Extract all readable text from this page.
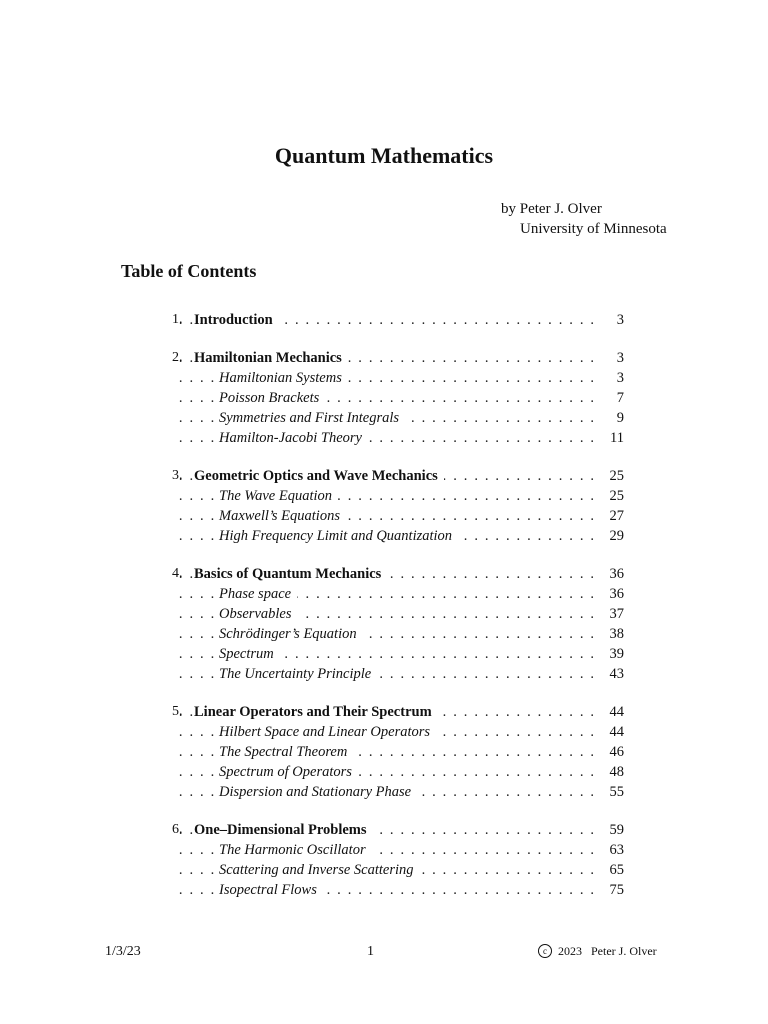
Quantum Mathematics
by Peter J. Olver
University of Minnesota
Table of Contents
. . .
1. Introduction	3
. . .
2. Hamiltonian Mechanics	3
. . .
Hamiltonian Systems	3
. . .
Poisson Brackets	7
. . .
Symmetries and First Integrals	9
. . .
Hamilton-Jacobi Theory	11
. . .
3. Geometric Optics and Wave Mechanics	25
. . .
The Wave Equation	25
. . .
Maxwell’s Equations	27
. . .
High Frequency Limit and Quantization	29
. . .
4. Basics of Quantum Mechanics	36
. . .
Phase space	36
. . .
Observables	37
. . .
Schrödinger’s Equation	38
. . .
Spectrum	39
. . .
The Uncertainty Principle	43
. . .
5. Linear Operators and Their Spectrum	44
. . .
Hilbert Space and Linear Operators	44
. . .
The Spectral Theorem	46
. . .
Spectrum of Operators	48
. . .
Dispersion and Stationary Phase	55
. . .
6. One–Dimensional Problems	59
. . .
The Harmonic Oscillator	63
. . .
Scattering and Inverse Scattering	65
. . .
Isopectral Flows	75
1/3/23	1	c 2023 Peter J. Olver
